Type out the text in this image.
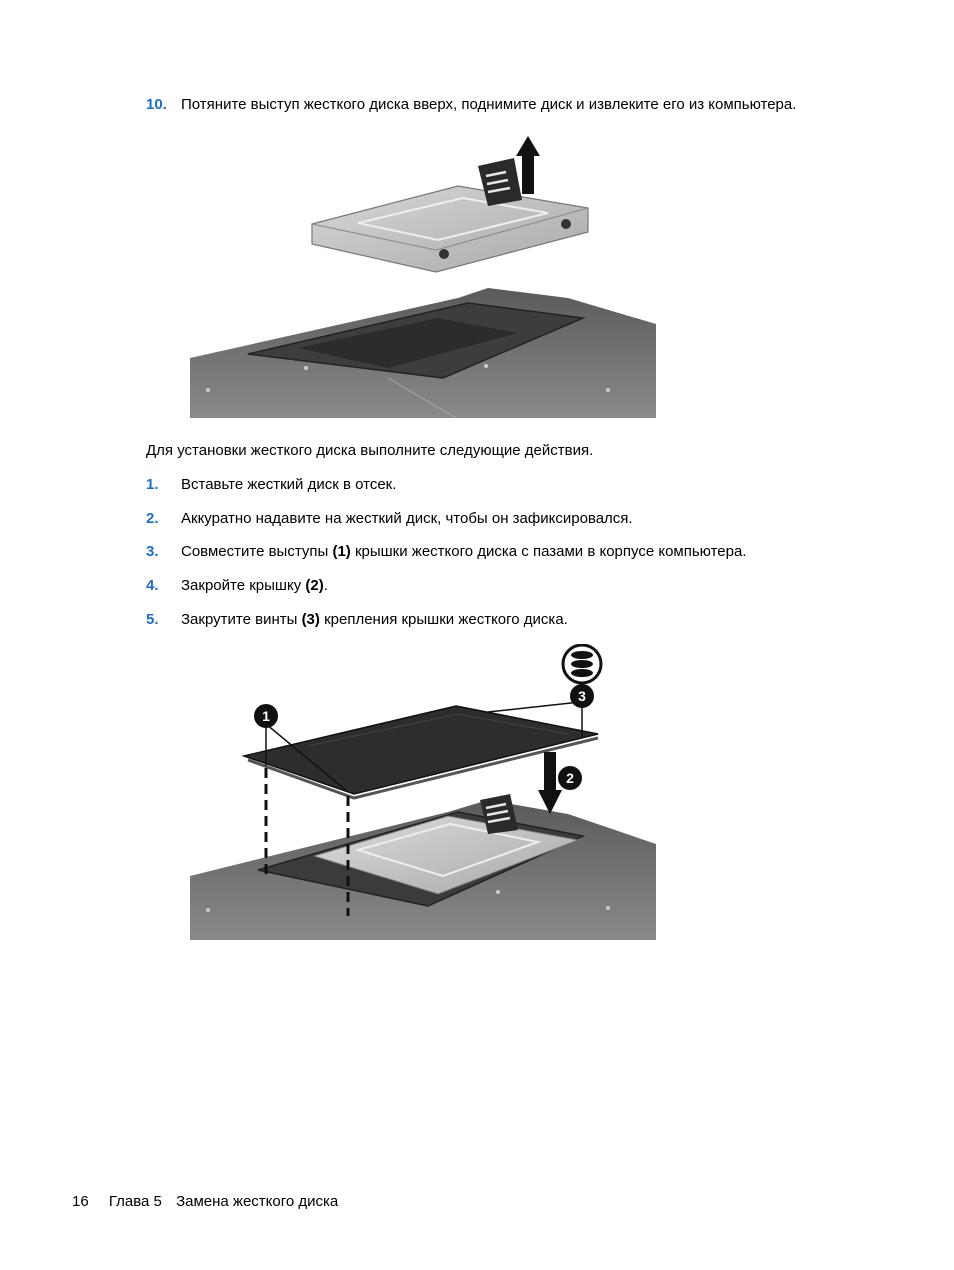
10. Потяните выступ жесткого диска вверх, поднимите диск и извлеките его из компьютера.
Для установки жесткого диска выполните следующие действия.
1. Вставьте жесткий диск в отсек.
2. Аккуратно надавите на жесткий диск, чтобы он зафиксировался.
3. Совместите выступы (1) крышки жесткого диска с пазами в корпусе компьютера.
4. Закройте крышку (2).
5. Закрутите винты (3) крепления крышки жесткого диска.
1
2
3
16 Глава 5 Замена жесткого диска
